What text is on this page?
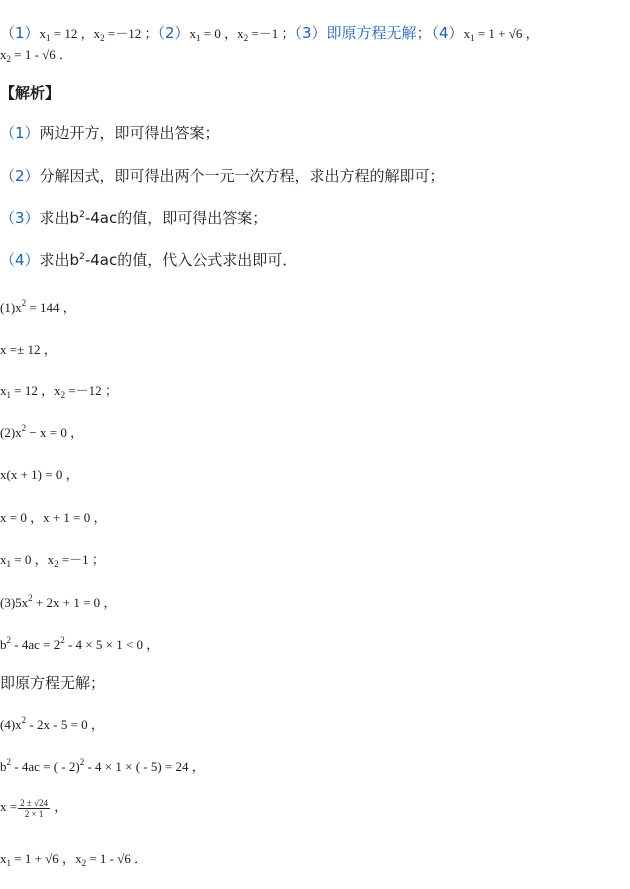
$(1)x_1 = 12$ ，$x_2 =-12$ ；$(2)x_1 = 0$ ，$x_2 =-1$ ；（3）即原方程无解；$(4)x_1 = 1 + √6$ ，
$x_2 = 1 - √6$ ．
【解析】
（1）两边开方，即可得出答案；
（2）分解因式，即可得出两个一元一次方程，求出方程的解即可；
（3）求出$b^2-4ac$的值，即可得出答案；
（4）求出$b^2-4ac$的值，代入公式求出即可．
$(1)x^2 = 144$ ，
x =± 12 ，
$x_1 = 12$ ，$x_2 =-12$ ；
$(2)x^2 - x = 0$ ，
x(x + 1) = 0 ，
x = 0 ，x + 1 = 0 ，
$x_1 = 0$ ，$x_2 =-1$ ；
$(3)5x^2 + 2x + 1 = 0$ ，
$b^2 - 4ac = 2^2 - 4 \times 5 \times 1 < 0$ ，
即原方程无解；
$(4)x^2 - 2x - 5 = 0$ ，
$b^2 - 4ac$ = ( - 2)$^2$ - 4 × 1 × ( - 5) = 24 ，
$x = \frac{2 \pm √24}{2 \times 1}$ ，
$x_1 = 1 + √6$ ，$x_2 = 1 - √6$ ．
